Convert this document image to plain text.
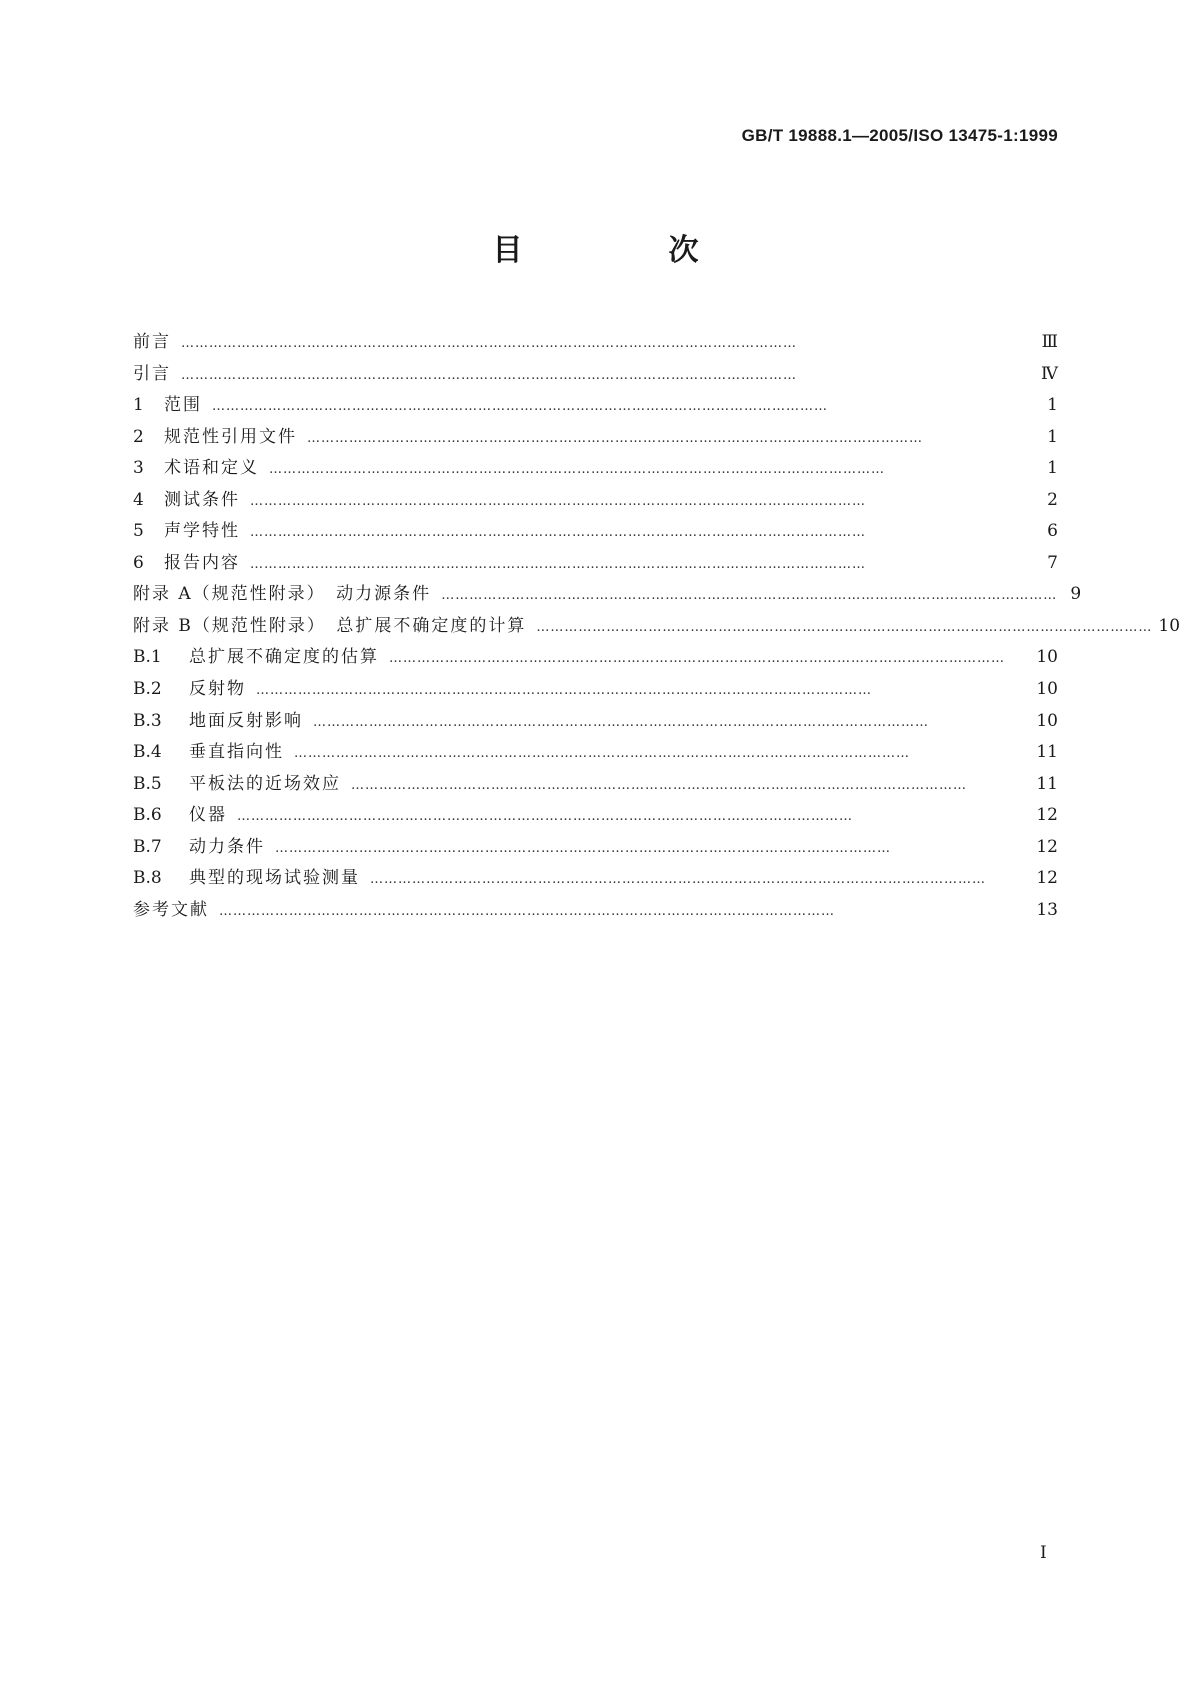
GB/T 19888.1—2005/ISO 13475-1:1999
目　次
前言 ……………………………………………………………………………………………………………………	Ⅲ
引言 ……………………………………………………………………………………………………………………	Ⅳ
1	范围 ……………………………………………………………………………………………………………………	1
2	规范性引用文件 ……………………………………………………………………………………………………………………	1
3	术语和定义 ……………………………………………………………………………………………………………………	1
4	测试条件 ……………………………………………………………………………………………………………………	2
5	声学特性 ……………………………………………………………………………………………………………………	6
6	报告内容 ……………………………………………………………………………………………………………………	7
附录 A（规范性附录）　动力源条件 …………………………………………………………………………………………………………………… 9
附录 B（规范性附录）　总扩展不确定度的计算 …………………………………………………………………………………………………………………… 10
B.1	总扩展不确定度的估算 ……………………………………………………………………………………………………………………	10
B.2	反射物 ……………………………………………………………………………………………………………………	10
B.3	地面反射影响 ……………………………………………………………………………………………………………………	10
B.4	垂直指向性 ……………………………………………………………………………………………………………………	11
B.5	平板法的近场效应 ……………………………………………………………………………………………………………………	11
B.6	仪器 ……………………………………………………………………………………………………………………	12
B.7	动力条件 ……………………………………………………………………………………………………………………	12
B.8	典型的现场试验测量 ……………………………………………………………………………………………………………………	12
参考文献 ……………………………………………………………………………………………………………………	13
I
